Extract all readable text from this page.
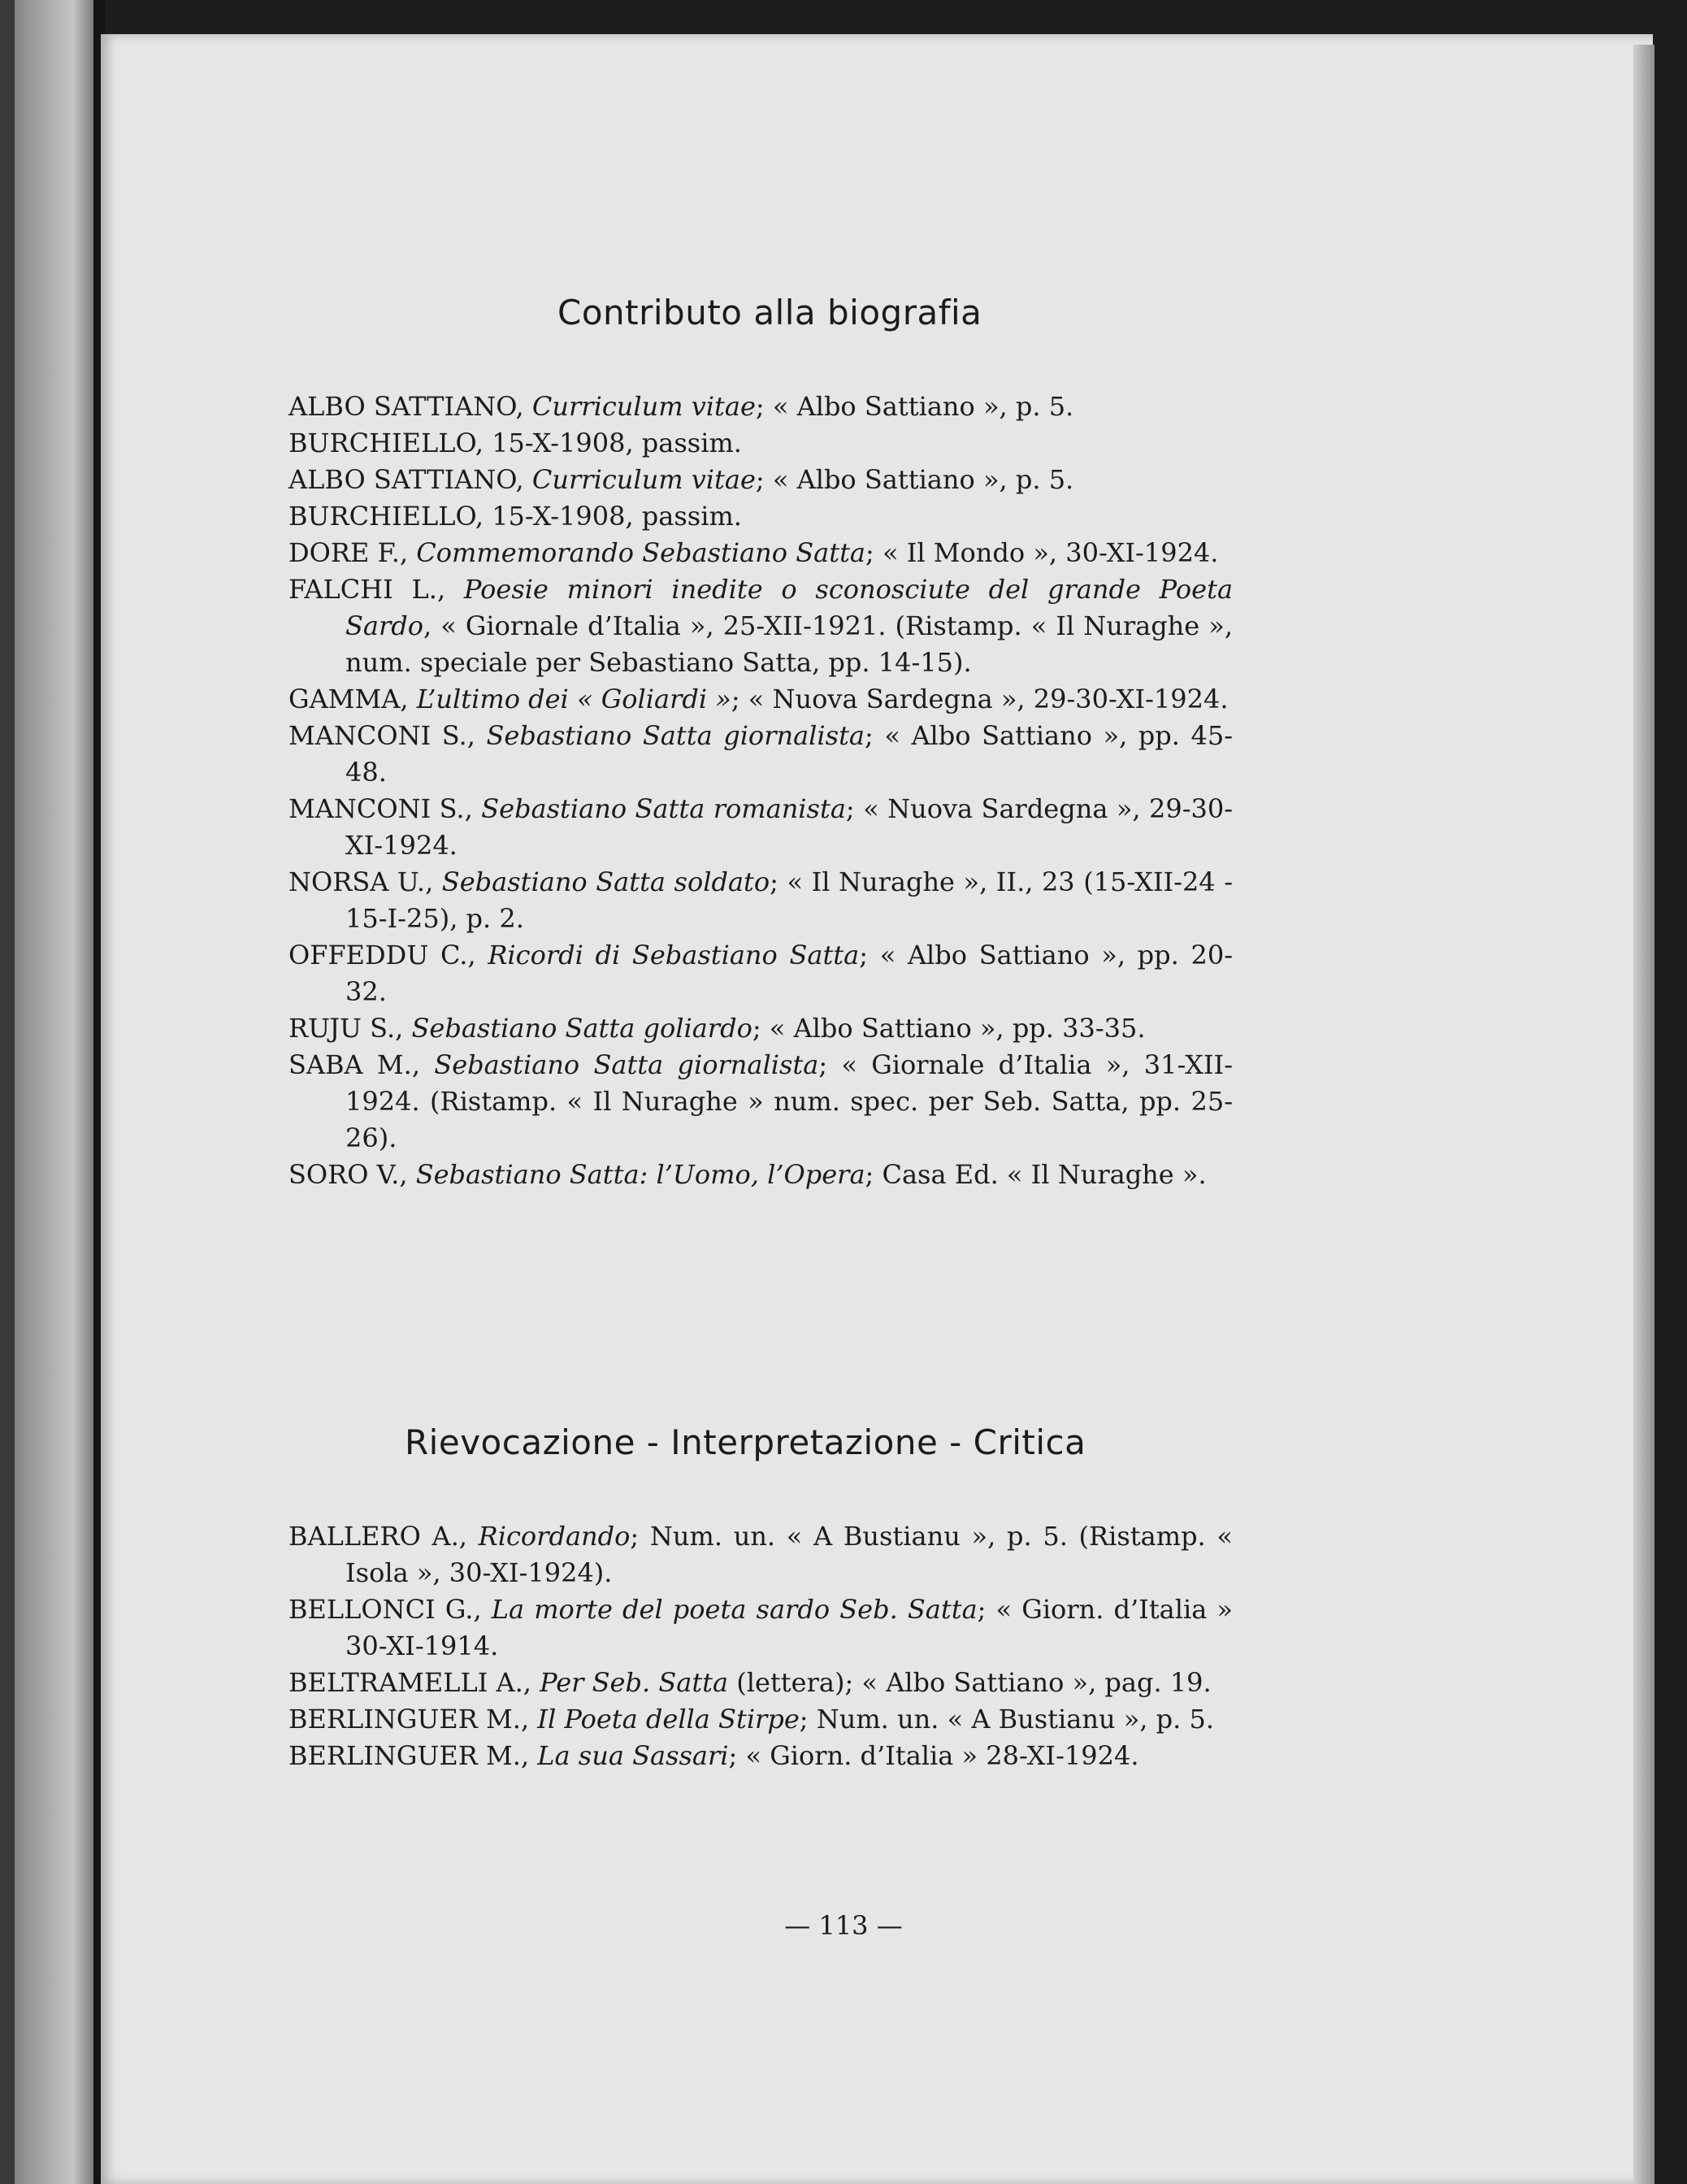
Contributo alla biografia
ALBO SATTIANO, Curriculum vitae; « Albo Sattiano », p. 5.
BURCHIELLO, 15-X-1908, passim.
ALBO SATTIANO, Curriculum vitae; « Albo Sattiano », p. 5.
BURCHIELLO, 15-X-1908, passim.
DORE F., Commemorando Sebastiano Satta; « Il Mondo », 30-XI-1924.
FALCHI L., Poesie minori inedite o sconosciute del grande Poeta Sardo, « Giornale d’Italia », 25-XII-1921. (Ristamp. « Il Nuraghe », num. speciale per Sebastiano Satta, pp. 14-15).
GAMMA, L’ultimo dei « Goliardi »; « Nuova Sardegna », 29-30-XI-1924.
MANCONI S., Sebastiano Satta giornalista; « Albo Sattiano », pp. 45-48.
MANCONI S., Sebastiano Satta romanista; « Nuova Sardegna », 29-30-XI-1924.
NORSA U., Sebastiano Satta soldato; « Il Nuraghe », II., 23 (15-XII-24 - 15-I-25), p. 2.
OFFEDDU C., Ricordi di Sebastiano Satta; « Albo Sattiano », pp. 20-32.
RUJU S., Sebastiano Satta goliardo; « Albo Sattiano », pp. 33-35.
SABA M., Sebastiano Satta giornalista; « Giornale d’Italia », 31-XII-1924. (Ristamp. « Il Nuraghe » num. spec. per Seb. Satta, pp. 25-26).
SORO V., Sebastiano Satta: l’Uomo, l’Opera; Casa Ed. « Il Nuraghe ».
Rievocazione - Interpretazione - Critica
BALLERO A., Ricordando; Num. un. « A Bustianu », p. 5. (Ristamp. « Isola », 30-XI-1924).
BELLONCI G., La morte del poeta sardo Seb. Satta; « Giorn. d’Italia » 30-XI-1914.
BELTRAMELLI A., Per Seb. Satta (lettera); « Albo Sattiano », pag. 19.
BERLINGUER M., Il Poeta della Stirpe; Num. un. « A Bustianu », p. 5.
BERLINGUER M., La sua Sassari; « Giorn. d’Italia » 28-XI-1924.
— 113 —
